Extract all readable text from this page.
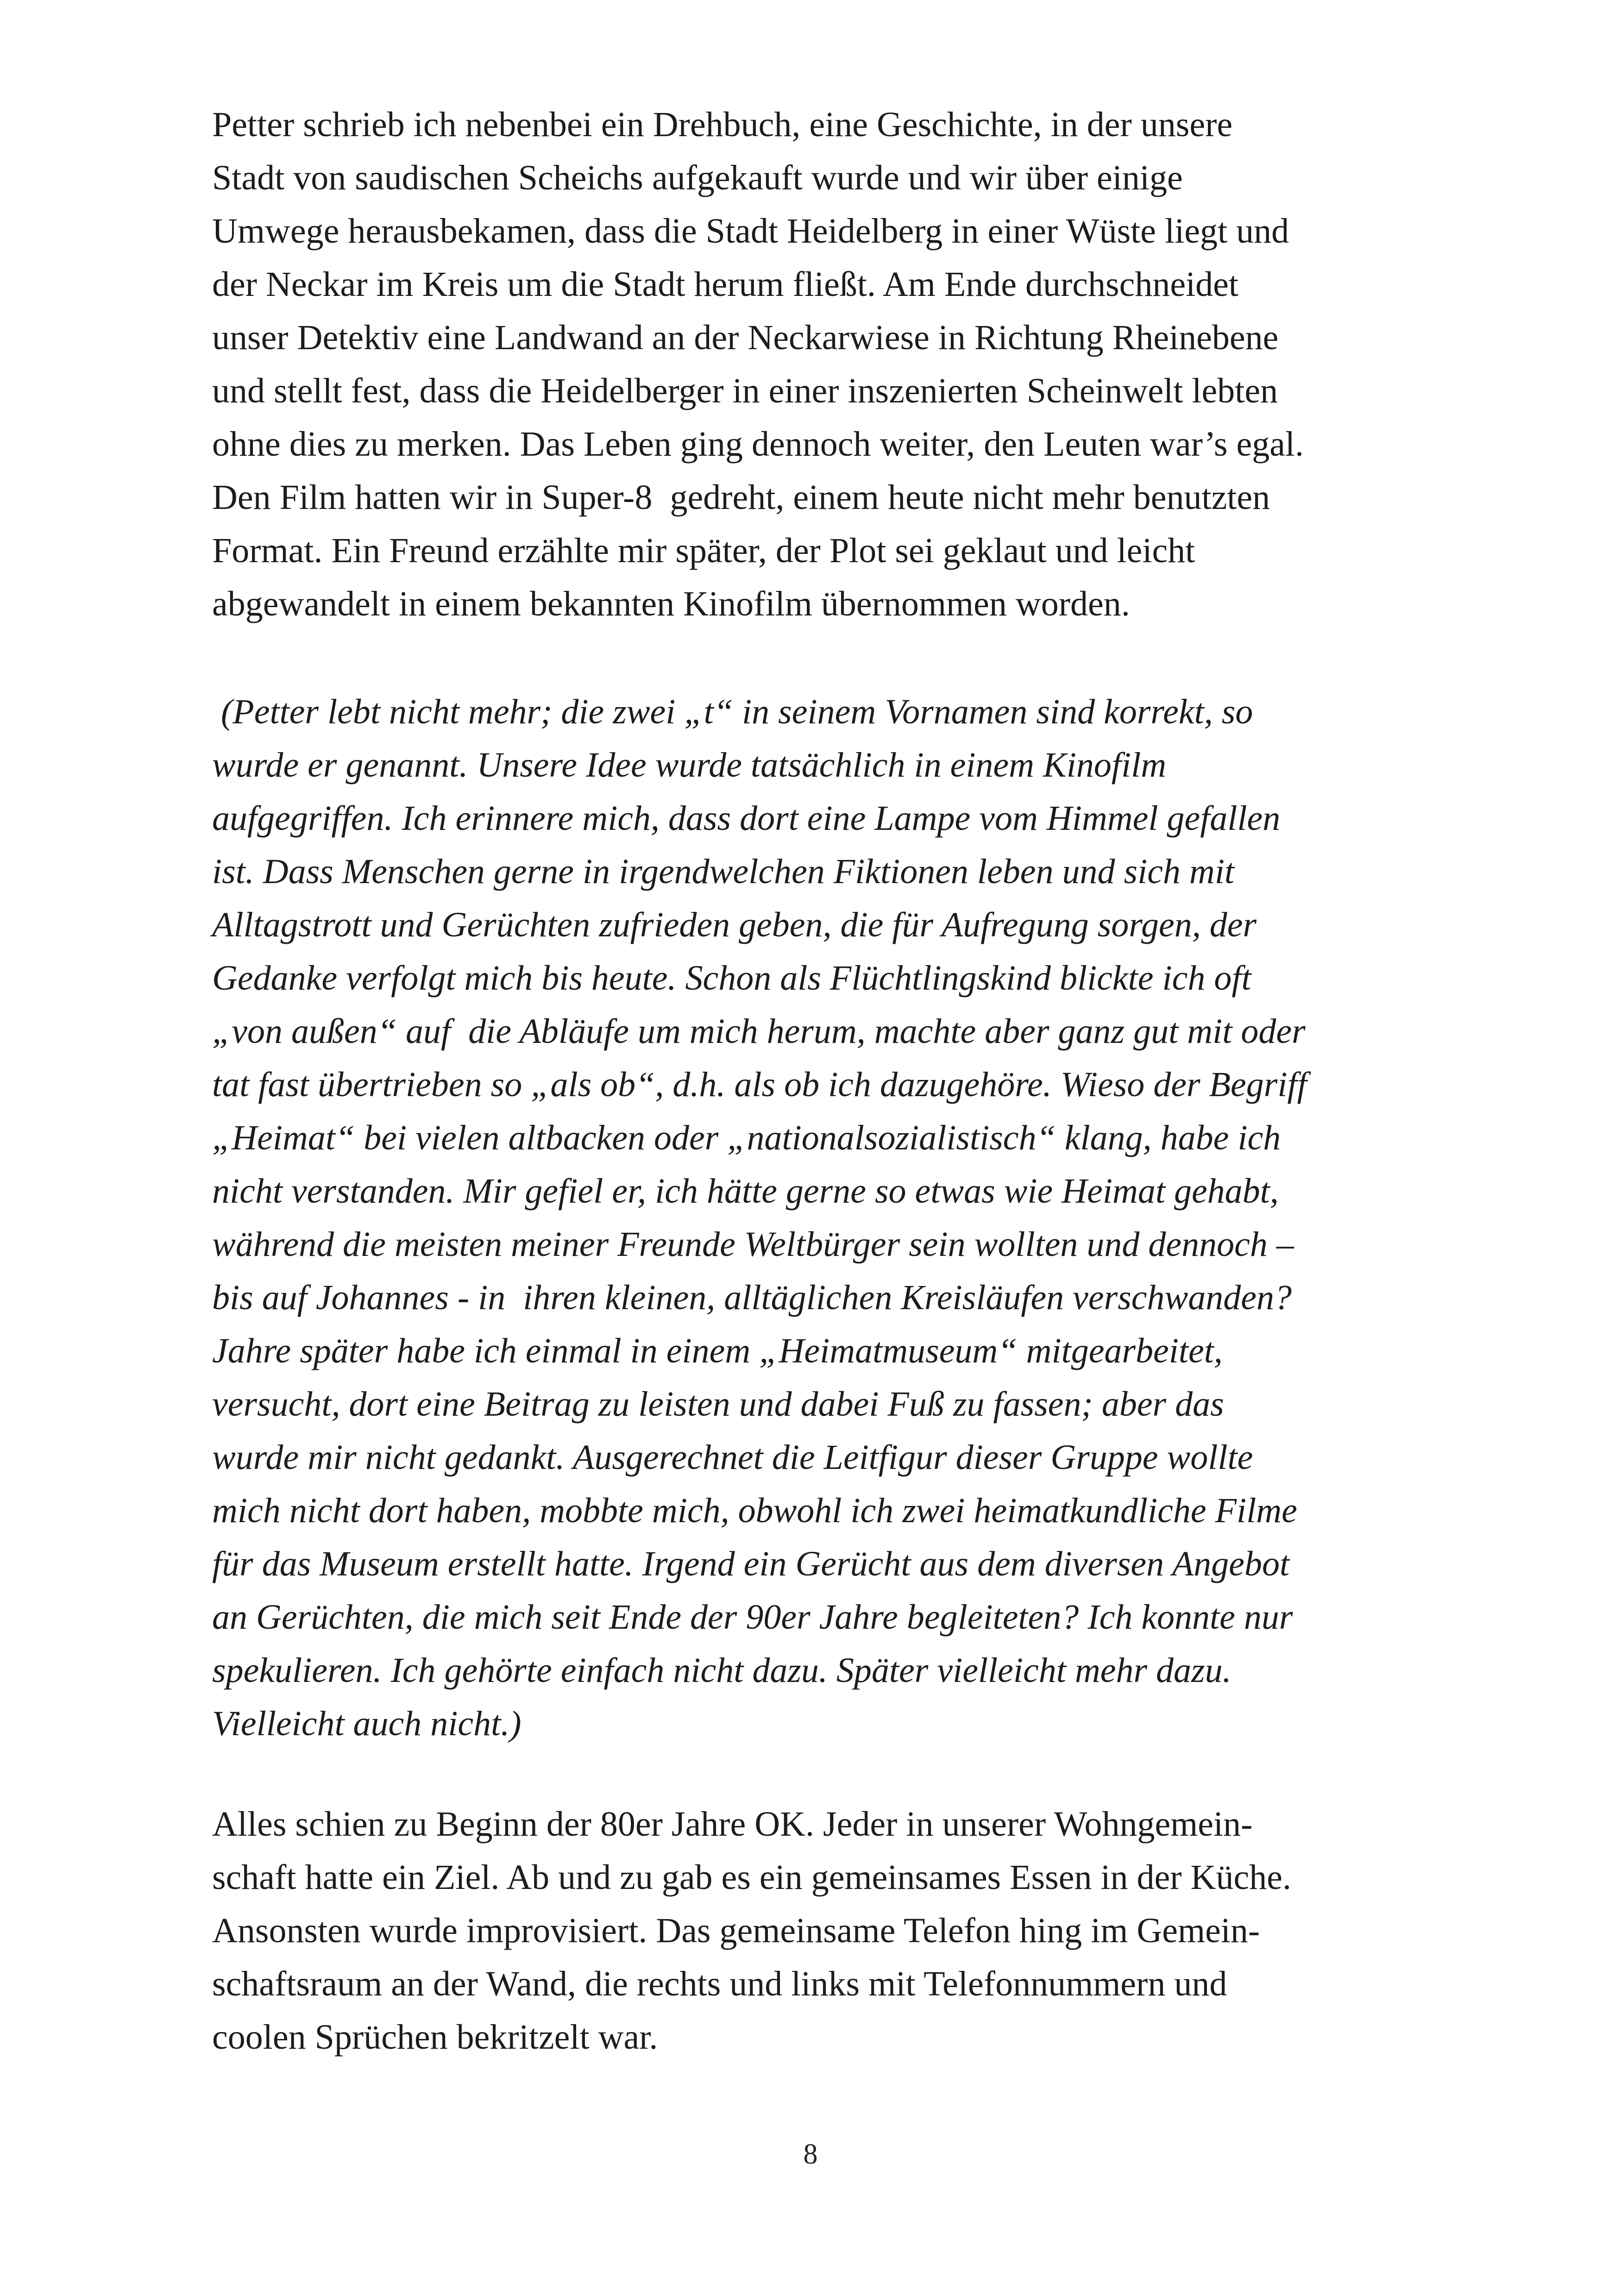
Petter schrieb ich nebenbei ein Drehbuch, eine Geschichte, in der unsere
Stadt von saudischen Scheichs aufgekauft wurde und wir über einige
Umwege herausbekamen, dass die Stadt Heidelberg in einer Wüste liegt und
der Neckar im Kreis um die Stadt herum fließt. Am Ende durchschneidet
unser Detektiv eine Landwand an der Neckarwiese in Richtung Rheinebene
und stellt fest, dass die Heidelberger in einer inszenierten Scheinwelt lebten
ohne dies zu merken. Das Leben ging dennoch weiter, den Leuten war’s egal.
Den Film hatten wir in Super-8  gedreht, einem heute nicht mehr benutzten
Format. Ein Freund erzählte mir später, der Plot sei geklaut und leicht
abgewandelt in einem bekannten Kinofilm übernommen worden.
(Petter lebt nicht mehr; die zwei „t“ in seinem Vornamen sind korrekt, so
wurde er genannt. Unsere Idee wurde tatsächlich in einem Kinofilm
aufgegriffen. Ich erinnere mich, dass dort eine Lampe vom Himmel gefallen
ist. Dass Menschen gerne in irgendwelchen Fiktionen leben und sich mit
Alltagstrott und Gerüchten zufrieden geben, die für Aufregung sorgen, der
Gedanke verfolgt mich bis heute. Schon als Flüchtlingskind blickte ich oft
„von außen“ auf  die Abläufe um mich herum, machte aber ganz gut mit oder
tat fast übertrieben so „als ob“, d.h. als ob ich dazugehöre. Wieso der Begriff
„Heimat“ bei vielen altbacken oder „nationalsozialistisch“ klang, habe ich
nicht verstanden. Mir gefiel er, ich hätte gerne so etwas wie Heimat gehabt,
während die meisten meiner Freunde Weltbürger sein wollten und dennoch –
bis auf Johannes - in  ihren kleinen, alltäglichen Kreisläufen verschwanden?
Jahre später habe ich einmal in einem „Heimatmuseum“ mitgearbeitet,
versucht, dort eine Beitrag zu leisten und dabei Fuß zu fassen; aber das
wurde mir nicht gedankt. Ausgerechnet die Leitfigur dieser Gruppe wollte
mich nicht dort haben, mobbte mich, obwohl ich zwei heimatkundliche Filme
für das Museum erstellt hatte. Irgend ein Gerücht aus dem diversen Angebot
an Gerüchten, die mich seit Ende der 90er Jahre begleiteten? Ich konnte nur
spekulieren. Ich gehörte einfach nicht dazu. Später vielleicht mehr dazu.
Vielleicht auch nicht.)
Alles schien zu Beginn der 80er Jahre OK. Jeder in unserer Wohngemein-
schaft hatte ein Ziel. Ab und zu gab es ein gemeinsames Essen in der Küche.
Ansonsten wurde improvisiert. Das gemeinsame Telefon hing im Gemein-
schaftsraum an der Wand, die rechts und links mit Telefonnummern und
coolen Sprüchen bekritzelt war.
8
